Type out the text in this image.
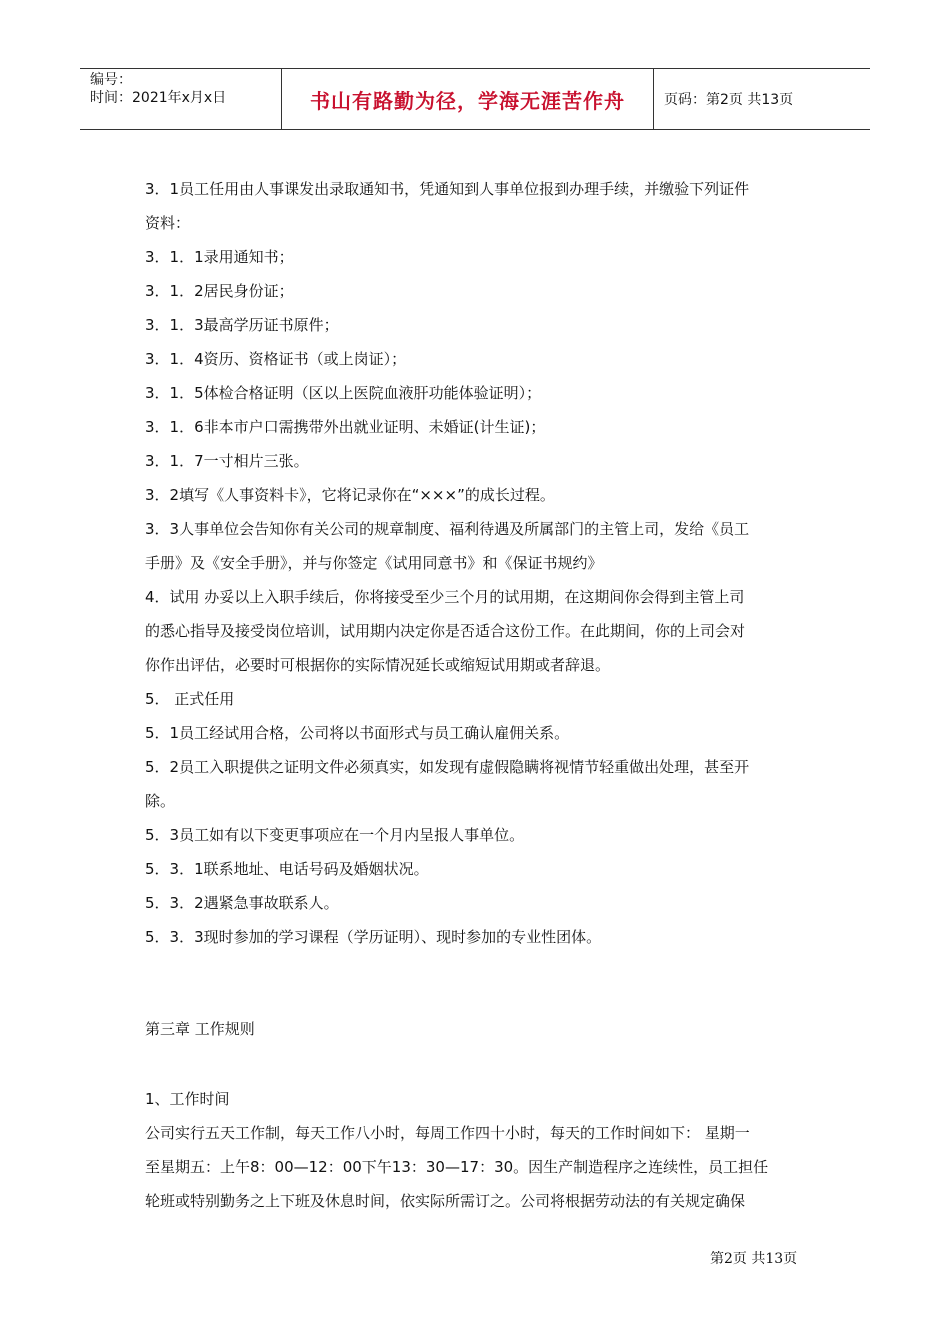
编号：
时间：2021年x月x日	书山有路勤为径，学海无涯苦作舟	页码：第2页 共13页
3．1员工任用由人事课发出录取通知书，凭通知到人事单位报到办理手续，并缴验下列证件
资料：
3．1．1录用通知书；
3．1．2居民身份证；
3．1．3最高学历证书原件；
3．1．4资历、资格证书（或上岗证）；
3．1．5体检合格证明（区以上医院血液肝功能体验证明）；
3．1．6非本市户口需携带外出就业证明、未婚证(计生证)；
3．1．7一寸相片三张。
3．2填写《人事资料卡》，它将记录你在“×××”的成长过程。
3．3人事单位会告知你有关公司的规章制度、福利待遇及所属部门的主管上司，发给《员工
手册》及《安全手册》，并与你签定《试用同意书》和《保证书规约》
4．试用 办妥以上入职手续后，你将接受至少三个月的试用期，在这期间你会得到主管上司
的悉心指导及接受岗位培训，试用期内决定你是否适合这份工作。在此期间，你的上司会对
你作出评估，必要时可根据你的实际情况延长或缩短试用期或者辞退。
5． 正式任用
5．1员工经试用合格，公司将以书面形式与员工确认雇佣关系。
5．2员工入职提供之证明文件必须真实，如发现有虚假隐瞒将视情节轻重做出处理，甚至开
除。
5．3员工如有以下变更事项应在一个月内呈报人事单位。
5．3．1联系地址、电话号码及婚姻状况。
5．3．2遇紧急事故联系人。
5．3．3现时参加的学习课程（学历证明）、现时参加的专业性团体。
第三章 工作规则
1、工作时间
公司实行五天工作制，每天工作八小时，每周工作四十小时，每天的工作时间如下： 星期一
至星期五：上午8：00—12：00下午13：30—17：30。因生产制造程序之连续性，员工担任
轮班或特别勤务之上下班及休息时间，依实际所需订之。公司将根据劳动法的有关规定确保
第2页 共13页
